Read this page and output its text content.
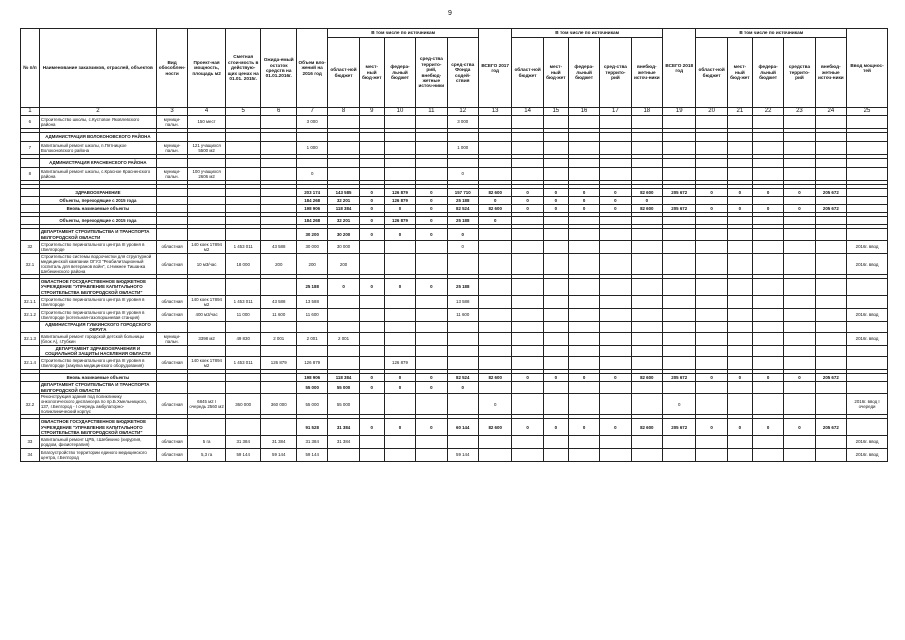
9
№ п/п	Наименование заказчиков, отраслей, объектов	Вид обособлен-ности	Проект-ная мощность, площадь м2	Сметная стои-мость в действую-щих ценах на 01.01. 2015г.	Ожида-емый остаток средств на 01.01.2016г.	Объем вло-жений на 2016 год	В том числе по источникам					ВСЕГО 2017 год	В том числе по источникам					ВСЕГО 2018 год	В том числе по источникам					Ввод мощнос-тей
							област-ной бюджет	мест-ный бюд-жет	федера-льный бюджет	сред-ства террито-рий, внебюд-жетные источ-ники	сред-ства Фонда содей-ствия		област-ной бюджет	мест-ный бюд-жет	федера-льный бюджет	сред-ства террито-рий	внебюд-жетные источ-ники		област-ной бюджет	мест-ный бюд-жет	федера-льный бюджет	средства террито-рий	внебюд-жетные источ-ники	
1	2	3	4	5	6	7	8	9	10	11	12	13	14	15	16	17	18	19	20	21	22	23	24	25
6	Строительство школы, с.Кустовое Яковлевского района	муници-пальн.	150 мест			3 000					3 000													

	АДМИНИСТРАЦИЯ ВОЛОКОНОВСКОГО РАЙОНА																							
7	Капитальный ремонт школы, п.Пятницкое Волоконовского района	муници-пальн.	121 учащихся 5500 м2			1 000					1 000													

	АДМИНИСТРАЦИЯ КРАСНЕНСКОГО РАЙОНА																							
8	Капитальный ремонт школы, с.Красное Красненского района	муници-пальн.	100 учащихся 2606 м2			0					0													

	ЗДРАВООХРАНЕНИЕ					203 174	143 585	0	126 879	0	157 710	82 600	0	0	0	0	82 600	205 672	0	0	0	0	205 672	
	Объекты, переходящие с 2015 года					184 268	32 201	0	126 879	0	25 188	0	0	0	0	0	0							
	Вновь начинаемые объекты					198 906	118 384	0	0	0	82 524	82 600	0	0	0	0	82 600	205 672	0	0	0	0	205 672	

	Объекты, переходящие с 2015 года					184 268	32 201	0	126 879	0	25 188	0												

	ДЕПАРТАМЕНТ СТРОИТЕЛЬСТВА И ТРАНСПОРТА БЕЛГОРОДСКОЙ ОБЛАСТИ					30 200	30 200	0	0	0	0													
32	Строительство перинатального центра III уровня в г.Белгороде	областная	140 коек 17894 м2	1 453 011	43 588	30 000	30 000				0													2016г. ввод
32.1	Строительство системы водоочистки для структурной медицинской кампании ОГУЗ "Реабилитационный госпиталь для ветеранов войн", с.Нижнее Тишанка Шебекинского района	областная	10 м3/час	18 000	200	200	200																	2016г. ввод

	ОБЛАСТНОЕ ГОСУДАРСТВЕННОЕ БЮДЖЕТНОЕ УЧРЕЖДЕНИЕ "УПРАВЛЕНИЕ КАПИТАЛЬНОГО СТРОИТЕЛЬСТВА БЕЛГОРОДСКОЙ ОБЛАСТИ"					25 188	0	0	0	0	25 188													
32.1.1	Строительство перинатального центра III уровня в г.Белгороде	областная	140 коек 17894 м2	1 453 011	43 588	13 588					13 588													
32.1.2	Строительство перинатального центра III уровня в г.Белгороде (котельная-газопоршневая станция)	областная	400 м3/час	11 000	11 600	11 600					11 600													2016г. ввод
	АДМИНИСТРАЦИЯ ГУБКИНСКОГО ГОРОДСКОГО ОКРУГА																							
32.1.3	Капитальный ремонт городской детской больницы (блок А), г.Губкин	муници-пальн.	3398 м2	49 830	2 001	2 001	2 001																	2016г. ввод
	ДЕПАРТАМЕНТ ЗДРАВООХРАНЕНИЯ И СОЦИАЛЬНОЙ ЗАЩИТЫ НАСЕЛЕНИЯ ОБЛАСТИ																							
32.1.4	Строительство перинатального центра III уровня в г.Белгороде (закупка медицинского оборудования)	областная	140 коек 17894 м2	1 453 011	126 879	126 879			126 879															

	Вновь начинаемые объекты					198 906	118 384	0	0	0	82 524	82 600	0	0	0	0	82 600	205 672	0	0	0	0	205 672	
	ДЕПАРТАМЕНТ СТРОИТЕЛЬСТВА И ТРАНСПОРТА БЕЛГОРОДСКОЙ ОБЛАСТИ					55 000	55 000	0	0	0	0													
32.2	Реконструкция здания под поликлинику онкологического диспансера по пр.Б.Хмельницкого, 137, г.Белгород - I очередь амбулаторно-поликлинический корпус	областная	6845 м2 I очередь 2560 м2	360 000	360 000	55 000	55 000					0						0						2016г. ввод I очереди

	ОБЛАСТНОЕ ГОСУДАРСТВЕННОЕ БЮДЖЕТНОЕ УЧРЕЖДЕНИЕ "УПРАВЛЕНИЕ КАПИТАЛЬНОГО СТРОИТЕЛЬСТВА БЕЛГОРОДСКОЙ ОБЛАСТИ"					91 528	31 384	0	0	0	60 144	82 600	0	0	0	0	82 600	205 672	0	0	0	0	205 672	
33	Капитальный ремонт ЦРБ, г.Шебекино (хирургия, роддом, физиотерапия)	областная	5 га	31 384	31 384	31 384	31 384																	2016г. ввод
34	Благоустройство территории единого медицинского центра, г.Белгород	областная	5,3 га	59 144	59 144	59 144					59 144													2016г. ввод
